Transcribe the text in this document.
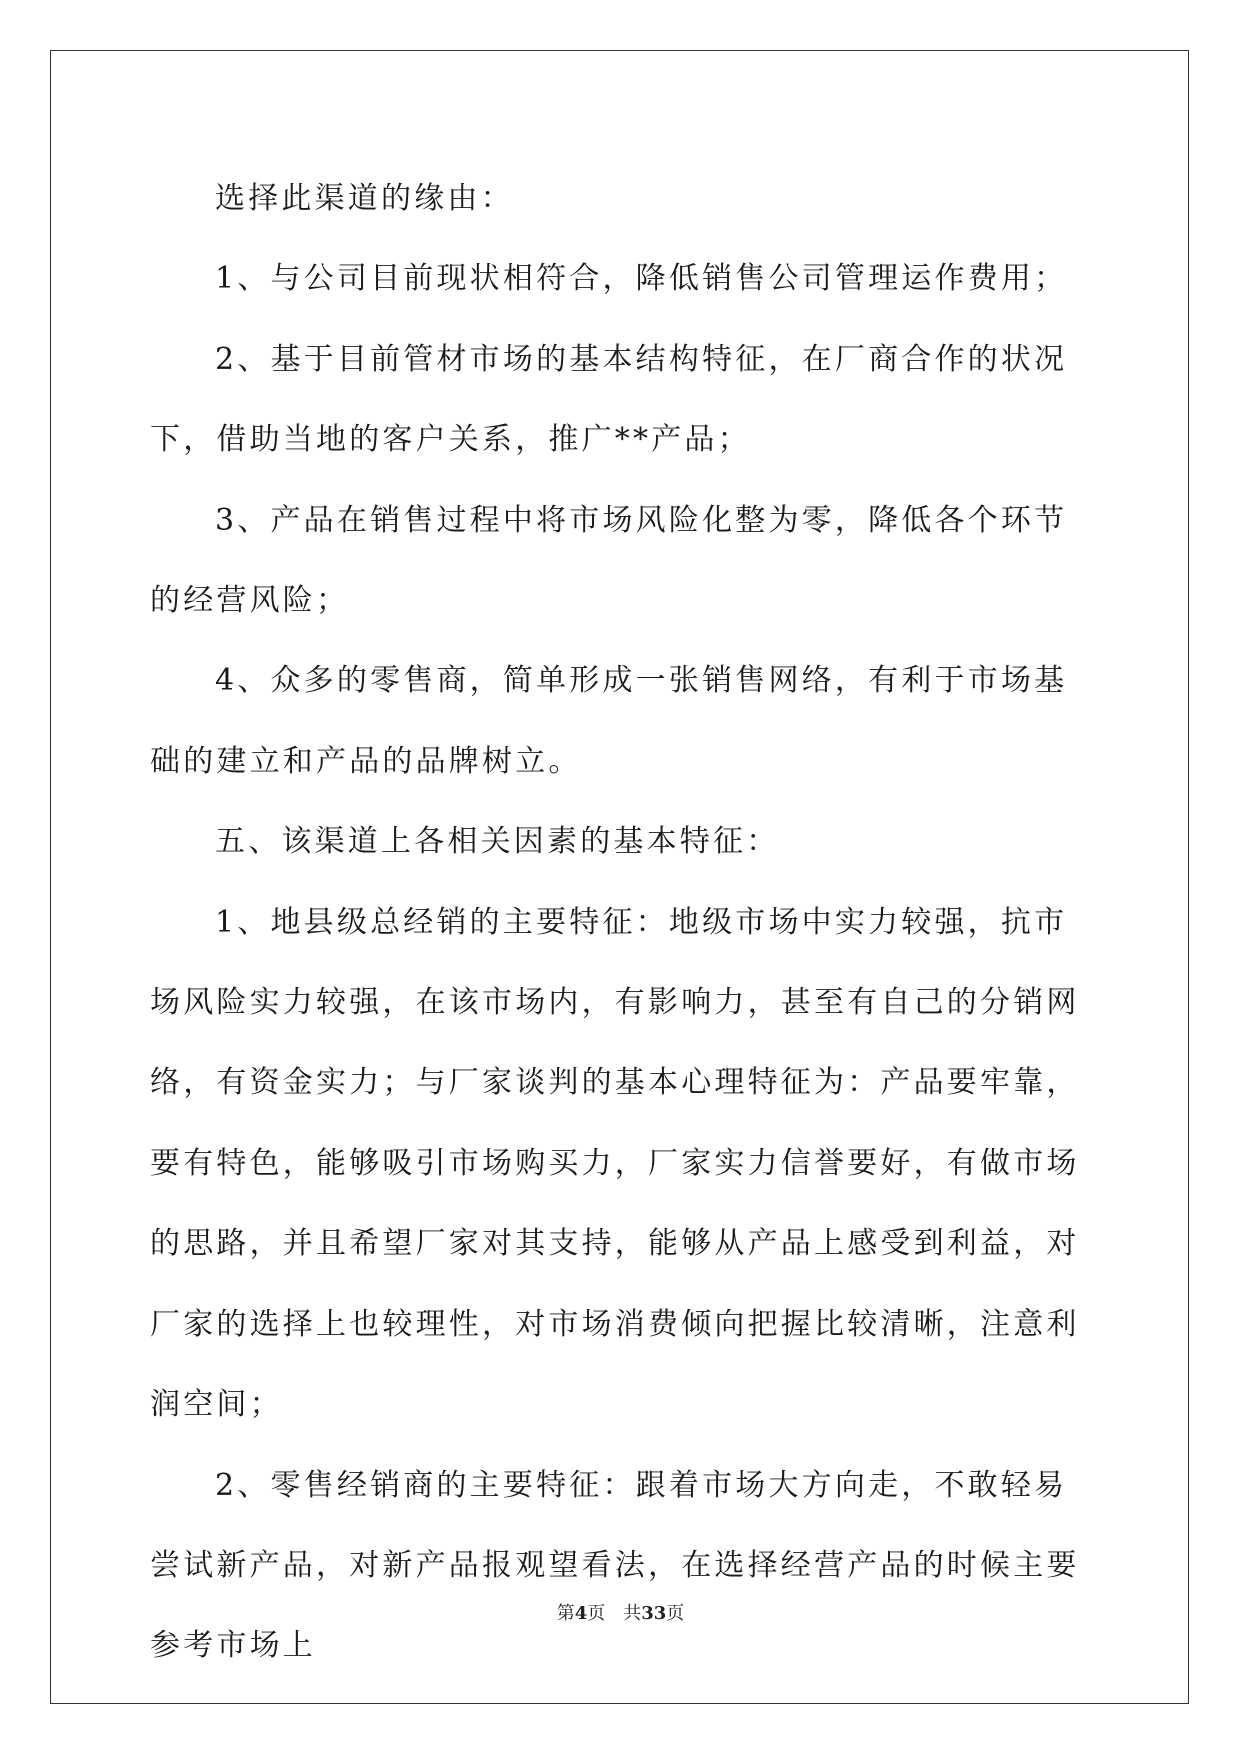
选择此渠道的缘由：

1、与公司目前现状相符合，降低销售公司管理运作费用；

2、基于目前管材市场的基本结构特征，在厂商合作的状况下，借助当地的客户关系，推广**产品；

3、产品在销售过程中将市场风险化整为零，降低各个环节的经营风险；

4、众多的零售商，简单形成一张销售网络，有利于市场基础的建立和产品的品牌树立。

五、该渠道上各相关因素的基本特征：

1、地县级总经销的主要特征：地级市场中实力较强，抗市场风险实力较强，在该市场内，有影响力，甚至有自己的分销网络，有资金实力；与厂家谈判的基本心理特征为：产品要牢靠，要有特色，能够吸引市场购买力，厂家实力信誉要好，有做市场的思路，并且希望厂家对其支持，能够从产品上感受到利益，对厂家的选择上也较理性，对市场消费倾向把握比较清晰，注意利润空间；

2、零售经销商的主要特征：跟着市场大方向走，不敢轻易尝试新产品，对新产品报观望看法，在选择经营产品的时候主要参考市场上

第4页 共33页
